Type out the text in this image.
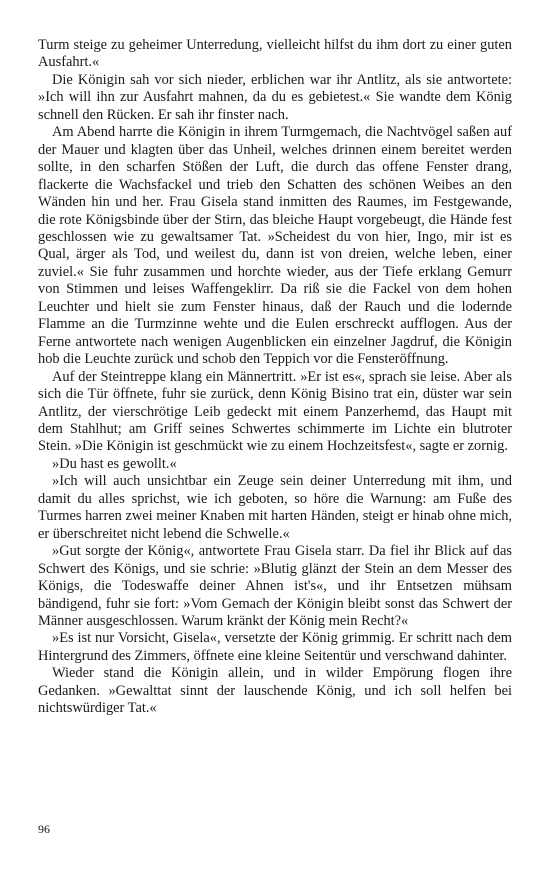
Turm steige zu geheimer Unterredung, vielleicht hilfst du ihm dort zu einer guten Ausfahrt.«

Die Königin sah vor sich nieder, erblichen war ihr Antlitz, als sie antwortete: »Ich will ihn zur Ausfahrt mahnen, da du es gebietest.« Sie wandte dem König schnell den Rücken. Er sah ihr finster nach.

Am Abend harrte die Königin in ihrem Turmgemach, die Nachtvögel saßen auf der Mauer und klagten über das Unheil, welches drinnen einem bereitet werden sollte, in den scharfen Stößen der Luft, die durch das offene Fenster drang, flackerte die Wachsfackel und trieb den Schatten des schönen Weibes an den Wänden hin und her. Frau Gisela stand inmitten des Raumes, im Festgewande, die rote Königsbinde über der Stirn, das bleiche Haupt vorgebeugt, die Hände fest geschlossen wie zu gewaltsamer Tat. »Scheidest du von hier, Ingo, mir ist es Qual, ärger als Tod, und weilest du, dann ist von dreien, welche leben, einer zuviel.« Sie fuhr zusammen und horchte wieder, aus der Tiefe erklang Gemurr von Stimmen und leises Waffengeklirr. Da riß sie die Fackel von dem hohen Leuchter und hielt sie zum Fenster hinaus, daß der Rauch und die lodernde Flamme an die Turmzinne wehte und die Eulen erschreckt aufflogen. Aus der Ferne antwortete nach wenigen Augenblicken ein einzelner Jagdruf, die Königin hob die Leuchte zurück und schob den Teppich vor die Fensteröffnung.

Auf der Steintreppe klang ein Männertritt. »Er ist es«, sprach sie leise. Aber als sich die Tür öffnete, fuhr sie zurück, denn König Bisino trat ein, düster war sein Antlitz, der vierschrötige Leib gedeckt mit einem Panzerhemd, das Haupt mit dem Stahlhut; am Griff seines Schwertes schimmerte im Lichte ein blutroter Stein. »Die Königin ist geschmückt wie zu einem Hochzeitsfest«, sagte er zornig.

»Du hast es gewollt.«

»Ich will auch unsichtbar ein Zeuge sein deiner Unterredung mit ihm, und damit du alles sprichst, wie ich geboten, so höre die Warnung: am Fuße des Turmes harren zwei meiner Knaben mit harten Händen, steigt er hinab ohne mich, er überschreitet nicht lebend die Schwelle.«

»Gut sorgte der König«, antwortete Frau Gisela starr. Da fiel ihr Blick auf das Schwert des Königs, und sie schrie: »Blutig glänzt der Stein an dem Messer des Königs, die Todeswaffe deiner Ahnen ist's«, und ihr Entsetzen mühsam bändigend, fuhr sie fort: »Vom Gemach der Königin bleibt sonst das Schwert der Männer ausgeschlossen. Warum kränkt der König mein Recht?«

»Es ist nur Vorsicht, Gisela«, versetzte der König grimmig. Er schritt nach dem Hintergrund des Zimmers, öffnete eine kleine Seitentür und verschwand dahinter.

Wieder stand die Königin allein, und in wilder Empörung flogen ihre Gedanken. »Gewalttat sinnt der lauschende König, und ich soll helfen bei nichtswürdiger Tat.«

96
